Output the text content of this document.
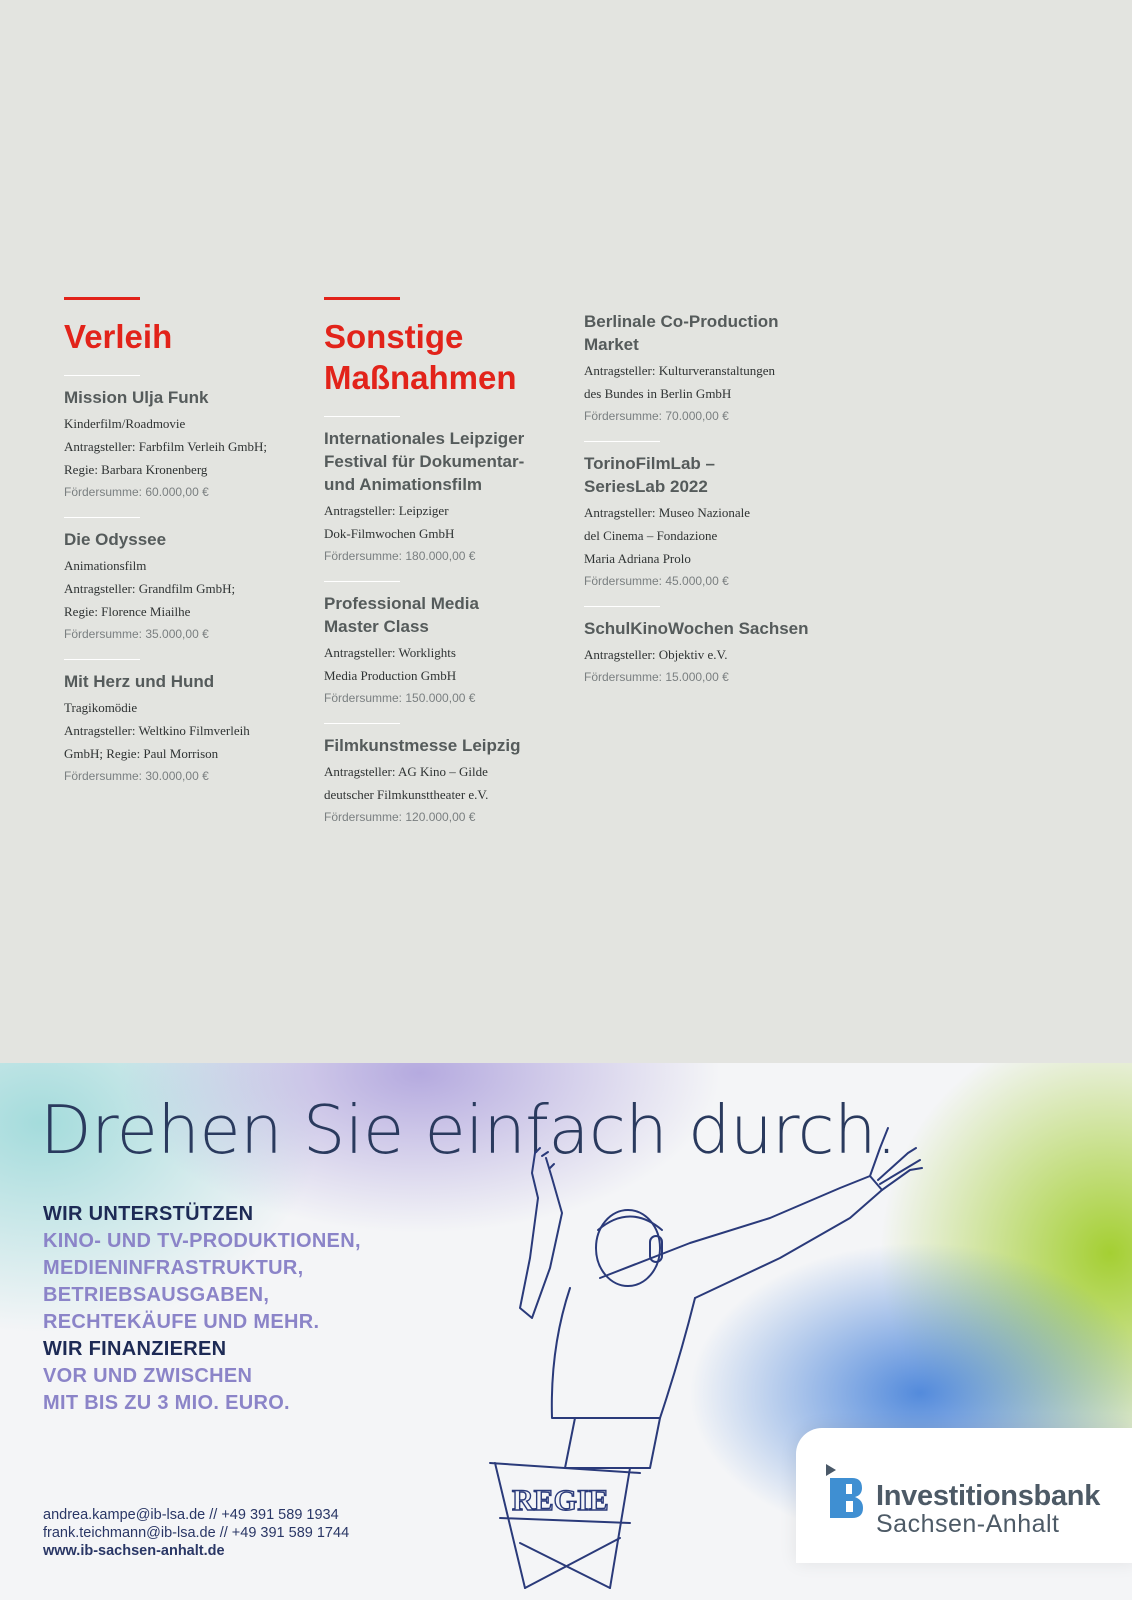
Verleih
Mission Ulja Funk
Kinderfilm/Roadmovie
Antragsteller: Farbfilm Verleih GmbH;
Regie: Barbara Kronenberg
Fördersumme: 60.000,00 €
Die Odyssee
Animationsfilm
Antragsteller: Grandfilm GmbH;
Regie: Florence Miailhe
Fördersumme: 35.000,00 €
Mit Herz und Hund
Tragikomödie
Antragsteller: Weltkino Filmverleih
GmbH; Regie: Paul Morrison
Fördersumme: 30.000,00 €
Sonstige Maßnahmen
Internationales Leipziger Festival für Dokumentar- und Animationsfilm
Antragsteller: Leipziger
Dok-Filmwochen GmbH
Fördersumme: 180.000,00 €
Professional Media Master Class
Antragsteller: Worklights
Media Production GmbH
Fördersumme: 150.000,00 €
Filmkunstmesse Leipzig
Antragsteller: AG Kino – Gilde
deutscher Filmkunsttheater e.V.
Fördersumme: 120.000,00 €
Berlinale Co-Production Market
Antragsteller: Kulturveranstaltungen
des Bundes in Berlin GmbH
Fördersumme: 70.000,00 €
TorinoFilmLab – SeriesLab 2022
Antragsteller: Museo Nazionale
del Cinema – Fondazione
Maria Adriana Prolo
Fördersumme: 45.000,00 €
SchulKinoWochen Sachsen
Antragsteller: Objektiv e.V.
Fördersumme: 15.000,00 €
Drehen Sie einfach durch.
WIR UNTERSTÜTZEN
KINO- UND TV-PRODUKTIONEN,
MEDIENINFRASTRUKTUR,
BETRIEBSAUSGABEN,
RECHTEKÄUFE UND MEHR.
WIR FINANZIEREN
VOR UND ZWISCHEN
MIT BIS ZU 3 MIO. EURO.
andrea.kampe@ib-lsa.de // +49 391 589 1934
frank.teichmann@ib-lsa.de // +49 391 589 1744
www.ib-sachsen-anhalt.de
REGIE	Investitionsbank
Sachsen-Anhalt
